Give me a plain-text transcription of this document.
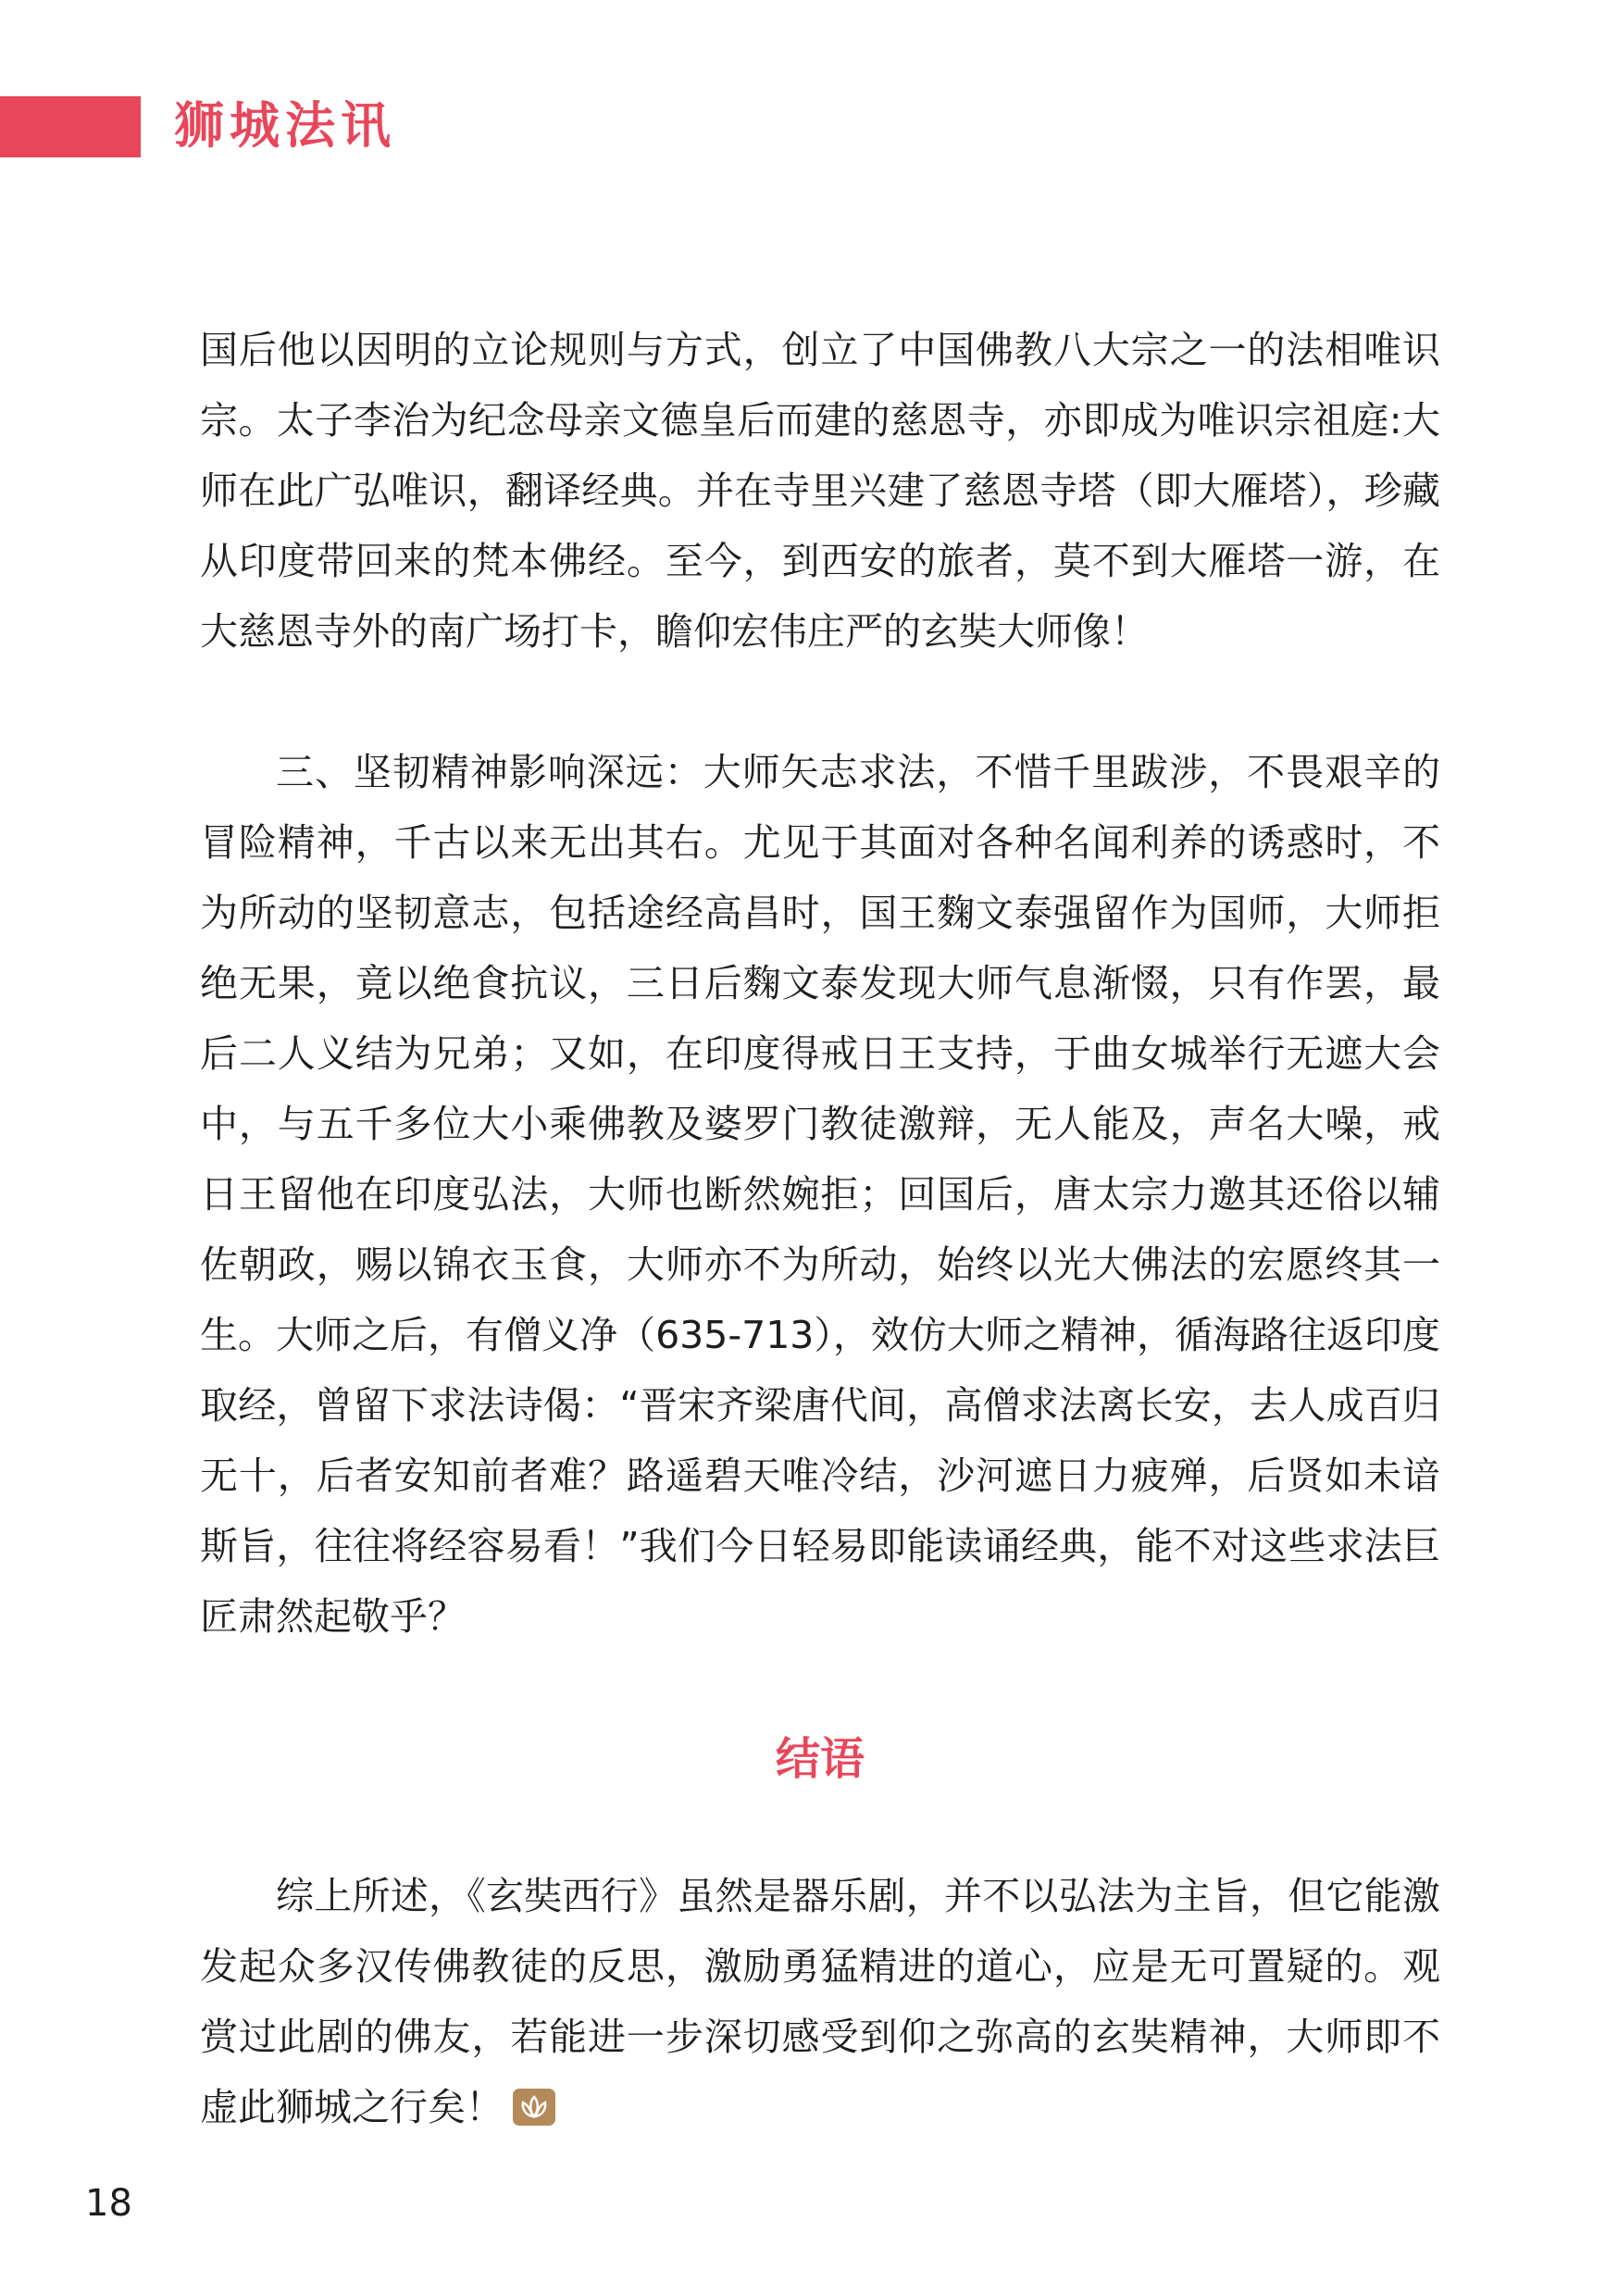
狮城法讯

国后他以因明的立论规则与方式，创立了中国佛教八大宗之一的法相唯识宗。太子李治为纪念母亲文德皇后而建的慈恩寺，亦即成为唯识宗祖庭:大师在此广弘唯识，翻译经典。并在寺里兴建了慈恩寺塔（即大雁塔），珍藏从印度带回来的梵本佛经。至今，到西安的旅者，莫不到大雁塔一游，在大慈恩寺外的南广场打卡，瞻仰宏伟庄严的玄奘大师像！

三、坚韧精神影响深远：大师矢志求法，不惜千里跋涉，不畏艰辛的冒险精神，千古以来无出其右。尤见于其面对各种名闻利养的诱惑时，不为所动的坚韧意志，包括途经高昌时，国王麴文泰强留作为国师，大师拒绝无果，竟以绝食抗议，三日后麴文泰发现大师气息渐惙，只有作罢，最后二人义结为兄弟；又如，在印度得戒日王支持，于曲女城举行无遮大会中，与五千多位大小乘佛教及婆罗门教徒激辩，无人能及，声名大噪，戒日王留他在印度弘法，大师也断然婉拒；回国后，唐太宗力邀其还俗以辅佐朝政，赐以锦衣玉食，大师亦不为所动，始终以光大佛法的宏愿终其一生。大师之后，有僧义净（635-713），效仿大师之精神，循海路往返印度取经，曾留下求法诗偈：“晋宋齐梁唐代间，高僧求法离长安，去人成百归无十，后者安知前者难？路遥碧天唯冷结，沙河遮日力疲殚，后贤如未谙斯旨，往往将经容易看！”我们今日轻易即能读诵经典，能不对这些求法巨匠肃然起敬乎？

结语

综上所述，《玄奘西行》虽然是器乐剧，并不以弘法为主旨，但它能激发起众多汉传佛教徒的反思，激励勇猛精进的道心，应是无可置疑的。观赏过此剧的佛友，若能进一步深切感受到仰之弥高的玄奘精神，大师即不虚此狮城之行矣！

18
